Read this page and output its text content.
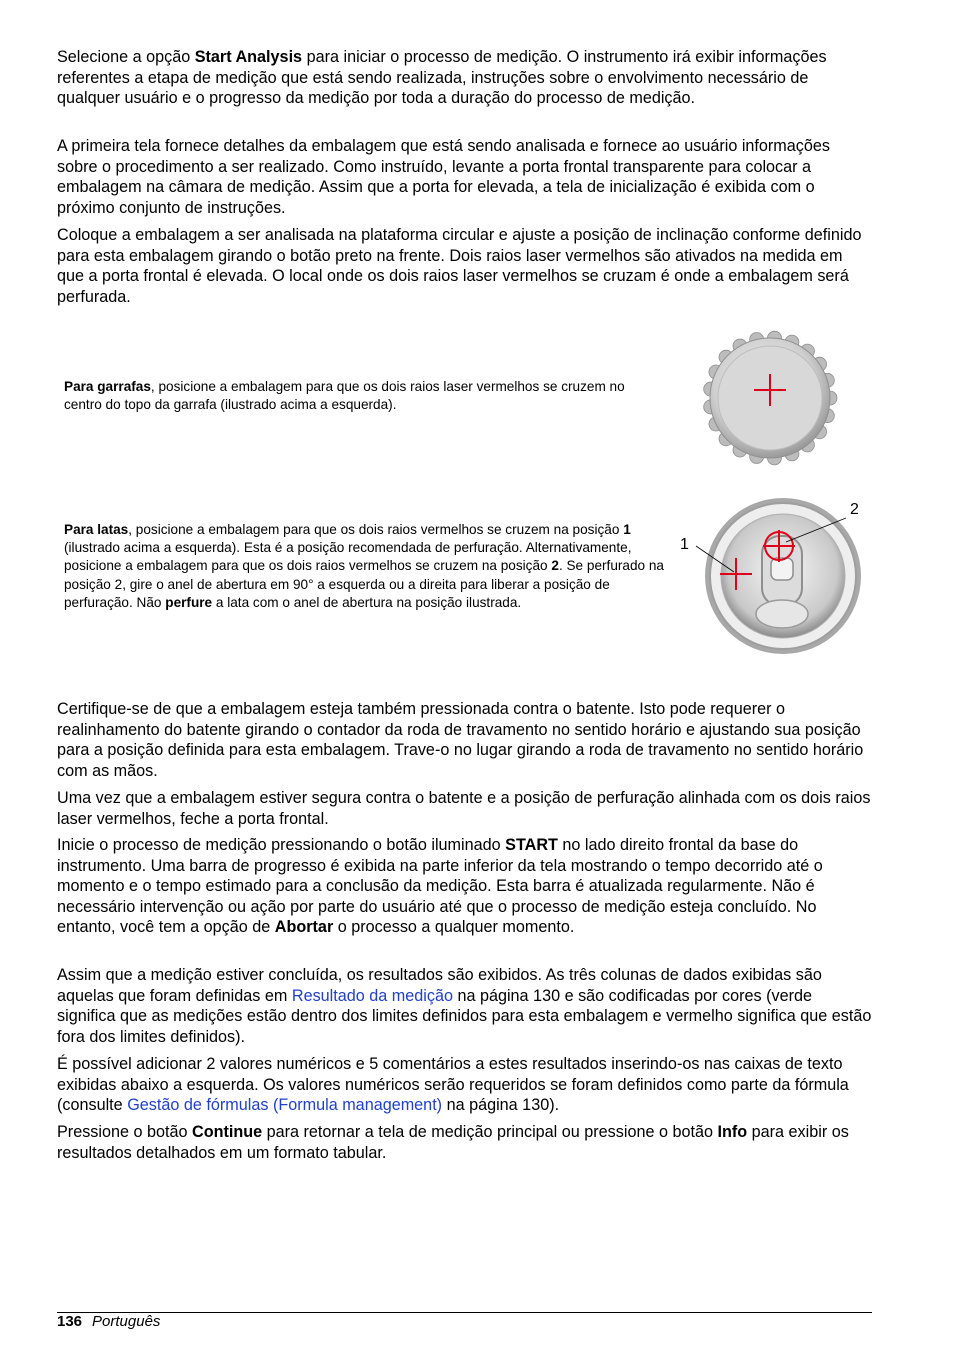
Selecione a opção Start Analysis para iniciar o processo de medição. O instrumento irá exibir informações referentes a etapa de medição que está sendo realizada, instruções sobre o envolvimento necessário de qualquer usuário e o progresso da medição por toda a duração do processo de medição.

A primeira tela fornece detalhes da embalagem que está sendo analisada e fornece ao usuário informações sobre o procedimento a ser realizado. Como instruído, levante a porta frontal transparente para colocar a embalagem na câmara de medição. Assim que a porta for elevada, a tela de inicialização é exibida com o próximo conjunto de instruções.

Coloque a embalagem a ser analisada na plataforma circular e ajuste a posição de inclinação conforme definido para esta embalagem girando o botão preto na frente. Dois raios laser vermelhos são ativados na medida em que a porta frontal é elevada. O local onde os dois raios laser vermelhos se cruzam é onde a embalagem será perfurada.

Para garrafas, posicione a embalagem para que os dois raios laser vermelhos se cruzem no centro do topo da garrafa (ilustrado acima a esquerda).

Para latas, posicione a embalagem para que os dois raios vermelhos se cruzem na posição 1 (ilustrado acima a esquerda). Esta é a posição recomendada de perfuração. Alternativamente, posicione a embalagem para que os dois raios vermelhos se cruzem na posição 2. Se perfurado na posição 2, gire o anel de abertura em 90° a esquerda ou a direita para liberar a posição de perfuração. Não perfure a lata com o anel de abertura na posição ilustrada.

1
2

Certifique-se de que a embalagem esteja também pressionada contra o batente. Isto pode requerer o realinhamento do batente girando o contador da roda de travamento no sentido horário e ajustando sua posição para a posição definida para esta embalagem. Trave-o no lugar girando a roda de travamento no sentido horário com as mãos.

Uma vez que a embalagem estiver segura contra o batente e a posição de perfuração alinhada com os dois raios laser vermelhos, feche a porta frontal.

Inicie o processo de medição pressionando o botão iluminado START no lado direito frontal da base do instrumento. Uma barra de progresso é exibida na parte inferior da tela mostrando o tempo decorrido até o momento e o tempo estimado para a conclusão da medição. Esta barra é atualizada regularmente. Não é necessário intervenção ou ação por parte do usuário até que o processo de medição esteja concluído. No entanto, você tem a opção de Abortar o processo a qualquer momento.

Assim que a medição estiver concluída, os resultados são exibidos. As três colunas de dados exibidas são aquelas que foram definidas em Resultado da medição na página 130 e são codificadas por cores (verde significa que as medições estão dentro dos limites definidos para esta embalagem e vermelho significa que estão fora dos limites definidos).

É possível adicionar 2 valores numéricos e 5 comentários a estes resultados inserindo-os nas caixas de texto exibidas abaixo a esquerda. Os valores numéricos serão requeridos se foram definidos como parte da fórmula (consulte Gestão de fórmulas (Formula management) na página 130).

Pressione o botão Continue para retornar a tela de medição principal ou pressione o botão Info para exibir os resultados detalhados em um formato tabular.

136 Português
